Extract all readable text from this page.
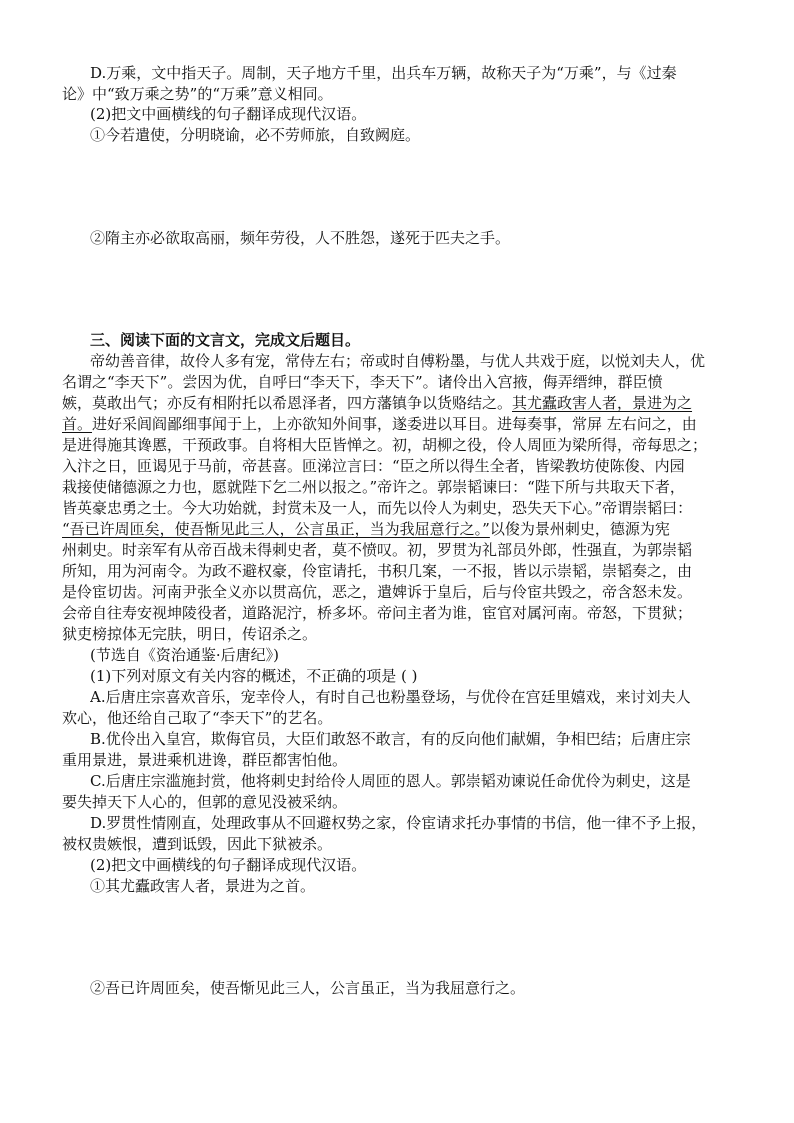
D.万乘，文中指天子。周制，天子地方千里，出兵车万辆，故称天子为“万乘”，与《过秦
论》中“致万乘之势”的“万乘”意义相同。
(2)把文中画横线的句子翻译成现代汉语。
①今若遣使，分明晓谕，必不劳师旅，自致阙庭。
②隋主亦必欲取高丽，频年劳役，人不胜怨，遂死于匹夫之手。
三、阅读下面的文言文，完成文后题目。
帝幼善音律，故伶人多有宠，常侍左右；帝或时自傅粉墨，与优人共戏于庭，以悦刘夫人，优
名谓之“李天下”。尝因为优，自呼曰“李天下，李天下”。诸伶出入宫掖，侮弄缙绅，群臣愤
嫉，莫敢出气；亦反有相附托以希恩泽者，四方藩镇争以货赂结之。其尤蠹政害人者，景进为之
首。进好采闾阎鄙细事闻于上，上亦欲知外间事，遂委进以耳目。进每奏事，常屏 左右问之，由
是进得施其谗慝，干预政事。自将相大臣皆惮之。初，胡柳之役，伶人周匝为梁所得，帝每思之；
入汴之日，匝谒见于马前，帝甚喜。匝涕泣言曰：“臣之所以得生全者，皆梁教坊使陈俊、内园
栽接使储德源之力也，愿就陛下乞二州以报之。”帝许之。郭崇韬谏曰：“陛下所与共取天下者，
皆英豪忠勇之士。今大功始就，封赏未及一人，而先以伶人为刺史，恐失天下心。”帝谓崇韬曰：
“吾已许周匝矣，使吾惭见此三人，公言虽正，当为我屈意行之。”以俊为景州刺史，德源为宪
州刺史。时亲军有从帝百战未得刺史者，莫不愤叹。初，罗贯为礼部员外郎，性强直，为郭崇韬
所知，用为河南令。为政不避权豪，伶宦请托，书积几案，一不报，皆以示崇韬，崇韬奏之，由
是伶宦切齿。河南尹张全义亦以贯高伉，恶之，遣婢诉于皇后，后与伶宦共毁之，帝含怒未发。
会帝自往寿安视坤陵役者，道路泥泞，桥多坏。帝问主者为谁，宦官对属河南。帝怒，下贯狱；
狱吏榜掠体无完肤，明日，传诏杀之。
(节选自《资治通鉴·后唐纪》)
(1)下列对原文有关内容的概述，不正确的项是 ( )
A.后唐庄宗喜欢音乐，宠幸伶人，有时自己也粉墨登场，与优伶在宫廷里嬉戏，来讨刘夫人
欢心，他还给自己取了“李天下”的艺名。
B.优伶出入皇宫，欺侮官员，大臣们敢怒不敢言，有的反向他们献媚，争相巴结；后唐庄宗
重用景进，景进乘机进谗，群臣都害怕他。
C.后唐庄宗滥施封赏，他将刺史封给伶人周匝的恩人。郭崇韬劝谏说任命优伶为刺史，这是
要失掉天下人心的，但郭的意见没被采纳。
D.罗贯性情刚直，处理政事从不回避权势之家，伶宦请求托办事情的书信，他一律不予上报，
被权贵嫉恨，遭到诋毁，因此下狱被杀。
(2)把文中画横线的句子翻译成现代汉语。
①其尤蠹政害人者，景进为之首。
②吾已许周匝矣，使吾惭见此三人，公言虽正，当为我屈意行之。
